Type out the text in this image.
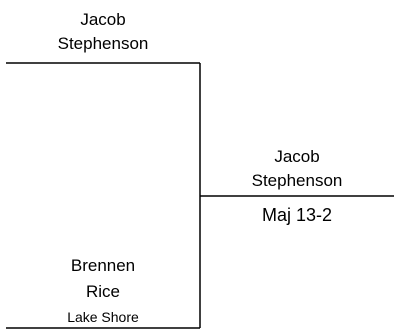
Jacob
Stephenson
Jacob
Stephenson
Maj 13-2
Brennen
Rice
Lake Shore
